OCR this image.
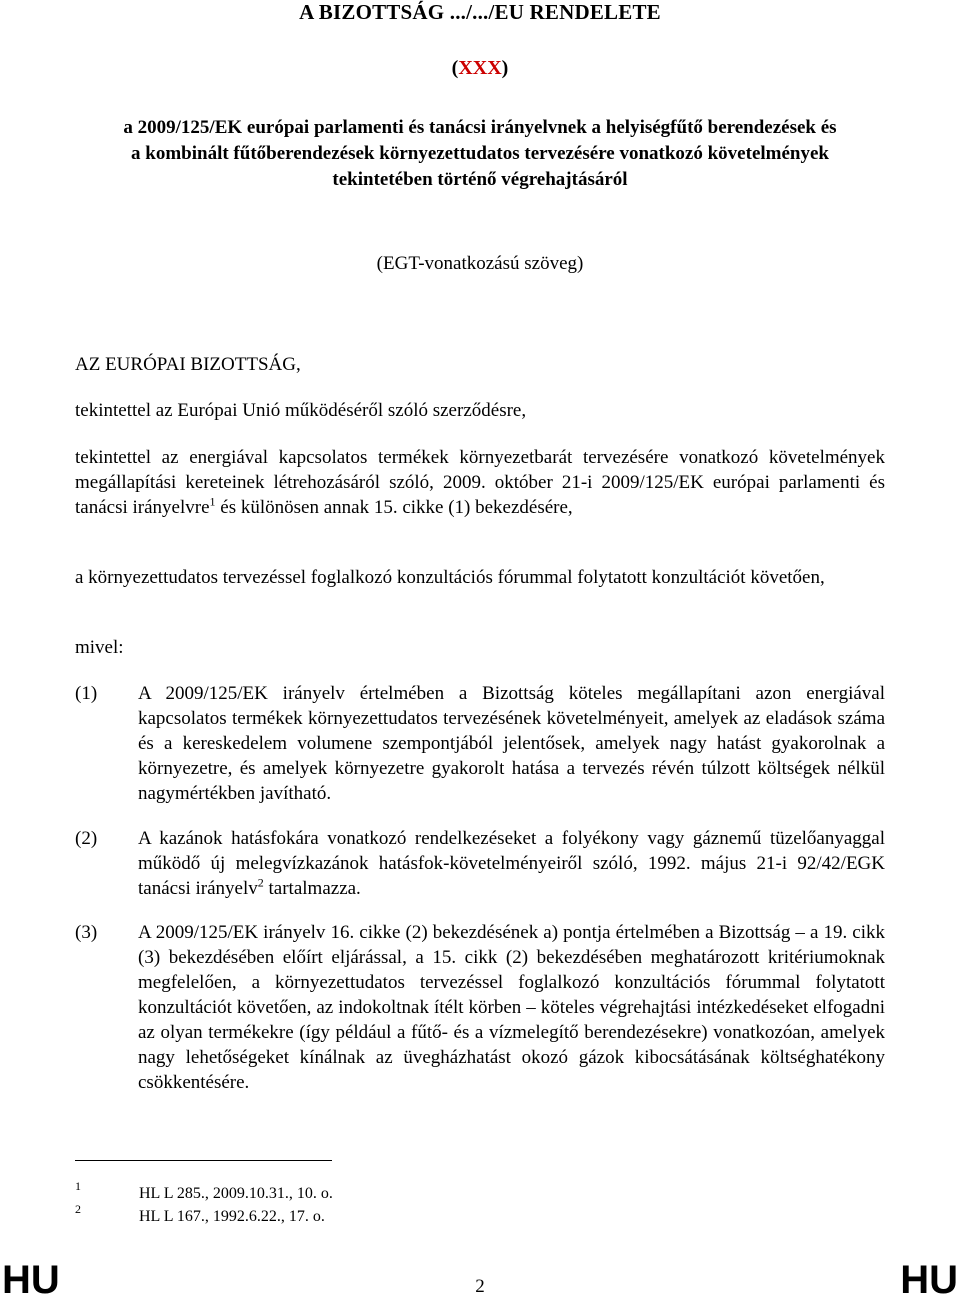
A BIZOTTSÁG .../.../EU RENDELETE
(XXX)
a 2009/125/EK európai parlamenti és tanácsi irányelvnek a helyiségfűtő berendezések és
a kombinált fűtőberendezések környezettudatos tervezésére vonatkozó követelmények
tekintetében történő végrehajtásáról
(EGT-vonatkozású szöveg)
AZ EURÓPAI BIZOTTSÁG,
tekintettel az Európai Unió működéséről szóló szerződésre,
tekintettel az energiával kapcsolatos termékek környezetbarát tervezésére vonatkozó követelmények megállapítási kereteinek létrehozásáról szóló, 2009. október 21-i 2009/125/EK európai parlamenti és tanácsi irányelvre$^1$ és különösen annak 15. cikke (1) bekezdésére,
a környezettudatos tervezéssel foglalkozó konzultációs fórummal folytatott konzultációt követően,
mivel:
(1) A 2009/125/EK irányelv értelmében a Bizottság köteles megállapítani azon energiával kapcsolatos termékek környezettudatos tervezésének követelményeit, amelyek az eladások száma és a kereskedelem volumene szempontjából jelentősek, amelyek nagy hatást gyakorolnak a környezetre, és amelyek környezetre gyakorolt hatása a tervezés révén túlzott költségek nélkül nagymértékben javítható.
(2) A kazánok hatásfokára vonatkozó rendelkezéseket a folyékony vagy gáznemű tüzelőanyaggal működő új melegvízkazánok hatásfok-követelményeiről szóló, 1992. május 21-i 92/42/EGK tanácsi irányelv$^2$ tartalmazza.
(3) A 2009/125/EK irányelv 16. cikke (2) bekezdésének a) pontja értelmében a Bizottság – a 19. cikk (3) bekezdésében előírt eljárással, a 15. cikk (2) bekezdésében meghatározott kritériumoknak megfelelően, a környezettudatos tervezéssel foglalkozó konzultációs fórummal folytatott konzultációt követően, az indokoltnak ítélt körben – köteles végrehajtási intézkedéseket elfogadni az olyan termékekre (így például a fűtő- és a vízmelegítő berendezésekre) vonatkozóan, amelyek nagy lehetőségeket kínálnak az üvegházhatást okozó gázok kibocsátásának költséghatékony csökkentésére.
1	HL L 285., 2009.10.31., 10. o.
2	HL L 167., 1992.6.22., 17. o.
HU	2	HU
